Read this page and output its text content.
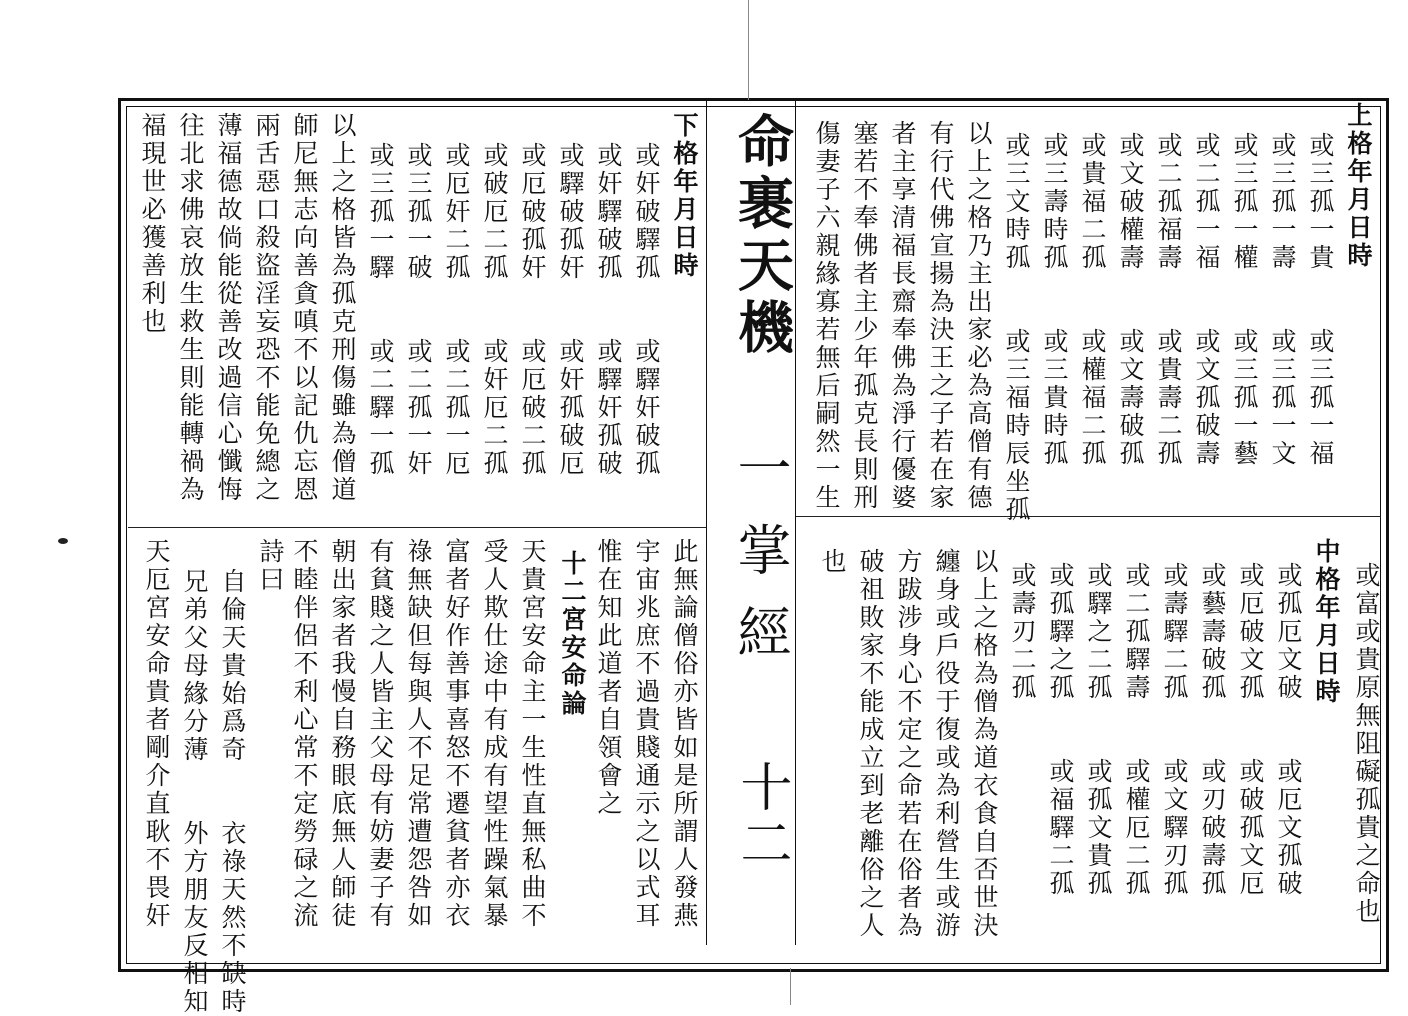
命裹天機
一掌經
十二
上格年月日時
或三孤一貴　　或三孤一福
或三孤一壽　　或三孤一文
或三孤一權　　或三孤一藝
或二孤一福　　或文孤破壽
或二孤福壽　　或貴壽二孤
或文破權壽　　或文壽破孤
或貴福二孤　　或權福二孤
或三壽時孤　　或三貴時孤
或三文時孤　　或三福時辰坐孤
以上之格乃主出家必為高僧有德
有行代佛宣揚為決王之子若在家
者主享清福長齋奉佛為淨行優婆
塞若不奉佛者主少年孤克長則刑
傷妻子六親緣寡若無后嗣然一生
或富或貴原無阻礙孤貴之命也
中格年月日時
或孤厄文破　　或厄文孤破
或厄破文孤　　或破孤文厄
或藝壽破孤　　或刃破壽孤
或壽驛二孤　　或文驛刃孤
或二孤驛壽　　或權厄二孤
或驛之二孤　　或孤文貴孤
或孤驛之孤　　或福驛二孤
或壽刃二孤
以上之格為僧為道衣食自否世決
纏身或戶役于復或為利營生或游
方跋涉身心不定之命若在俗者為
破祖敗家不能成立到老離俗之人
也
下格年月日時
或奸破驛孤　　或驛奸破孤
或奸驛破孤　　或驛奸孤破
或驛破孤奸　　或奸孤破厄
或厄破孤奸　　或厄破二孤
或破厄二孤　　或奸厄二孤
或厄奸二孤　　或二孤一厄
或三孤一破　　或二孤一奸
或三孤一驛　　或二驛一孤
以上之格皆為孤克刑傷雖為僧道
師尼無志向善貪嗔不以記仇忘恩
兩舌惡口殺盜淫妄恐不能免總之
薄福德故倘能從善改過信心懺悔
往北求佛哀放生救生則能轉禍為
福現世必獲善利也
此無論僧俗亦皆如是所謂人發燕
宇宙兆庶不過貴賤通示之以式耳
惟在知此道者自領會之
十二宮安命論
天貴宮安命主一生性直無私曲不
受人欺仕途中有成有望性躁氣暴
富者好作善事喜怒不遷貧者亦衣
祿無缺但每與人不足常遭怨咎如
有貧賤之人皆主父母有妨妻子有
朝出家者我慢自務眼底無人師徒
不睦伴侶不利心常不定勞碌之流
詩曰
自倫天貴始爲奇　　衣祿天然不缺時
兄弟父母緣分薄　　外方朋友反相知
天厄宮安命貴者剛介直耿不畏奸
